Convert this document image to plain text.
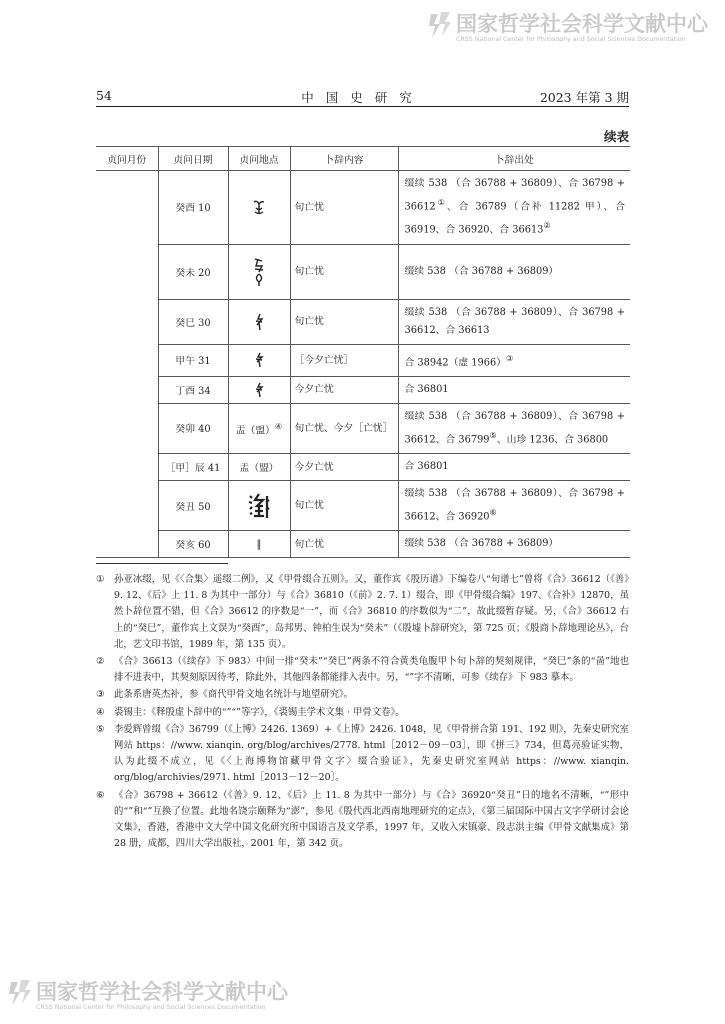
国家哲学社会科学文献中心
CRSS National Center for Philosophy and Social Sciences Documentation
54	中国史研究	2023 年第 3 期
续表
贞问月份	贞问日期	贞问地点	卜辞内容	卜辞出处
	癸酉 10		旬亡忧	缀续 538 （合 36788 + 36809）、合 36798 + 36612①、合 36789（合补 11282 甲）、合 36919、合 36920、合 36613②
	癸未 20		旬亡忧	缀续 538 （合 36788 + 36809）
	癸巳 30		旬亡忧	缀续 538 （合 36788 + 36809）、合 36798 + 36612、合 36613
	甲午 31		［今夕亡忧］	合 38942（虚 1966）③
	丁酉 34		今夕亡忧	合 36801
	癸卯 40	盂（盟）④	旬亡忧、今夕［亡忧］	缀续 538 （合 36788 + 36809）、合 36798 + 36612、合 36799⑤、山珍 1236、合 36800
	［甲］辰 41	盂（盟）	今夕亡忧	合 36801
	癸丑 50		旬亡忧	缀续 538 （合 36788 + 36809）、合 36798 + 36612、合 36920⑥
	癸亥 60	‖	旬亡忧	缀续 538 （合 36788 + 36809）
① 孙亚冰缀，见《〈合集〉遥缀二例》，又《甲骨缀合五则》。又，董作宾《殷历谱》下编卷八“旬谱七”曾将《合》36612（《善》9. 12、《后》上 11. 8 为其中一部分）与《合》36810（《前》2. 7. 1）缀合，即《甲骨缀合编》197、《合补》12870，虽然卜辞位置不错，但《合》36612 的序数是“一”，而《合》36810 的序数似为“二”，故此缀暂存疑。另，《合》36612 右上的“癸巳”，董作宾上文误为“癸酉”，岛邦男、钟柏生误为“癸未”（《殷墟卜辞研究》，第 725 页；《殷商卜辞地理论丛》，台北，艺文印书馆，1989 年，第 135 页）。
② 《合》36613（《续存》下 983）中间一排“癸未”“癸巳”两条不符合黄类龟腹甲卜旬卜辞的契刻规律，“癸巳”条的“啚”地也排不进表中，其契刻原因待考，除此外，其他四条都能排入表中。另，“”字不清晰，可参《续存》下 983 摹本。
③ 此条系唐英杰补，参《商代甲骨文地名统计与地望研究》。
④ 裘锡圭：《释殷虚卜辞中的“”“”等字》，《裘锡圭学术文集 · 甲骨文卷》。
⑤ 李爱辉曾缀《合》36799（《上博》2426. 1369）+《上博》2426. 1048，见《甲骨拼合第 191、192 则》，先秦史研究室网站 https：//www. xianqin. org/blog/archives/2778. html［2012－09－03］，即《拼三》734，但葛亮验证实物，认为此缀不成立，见《〈上海博物馆藏甲骨文字〉缀合验证》，先秦史研究室网站 https：//www. xianqin. org/blog/archivies/2971. html［2013－12－20］。
⑥ 《合》36798 + 36612（《善》9. 12、《后》上 11. 8 为其中一部分）与《合》36920“癸丑”日的地名不清晰，“”形中的“”和“”互换了位置。此地名饶宗颐释为“澎”，参见《殷代西北西南地理研究的定点》，《第三届国际中国古文字学研讨会论文集》，香港，香港中文大学中国文化研究所中国语言及文学系，1997 年，又收入宋镇豪、段志洪主编《甲骨文献集成》第 28 册，成都，四川大学出版社，2001 年，第 342 页。
国家哲学社会科学文献中心
CRSS National Center for Philosophy and Social Sciences Documentation
